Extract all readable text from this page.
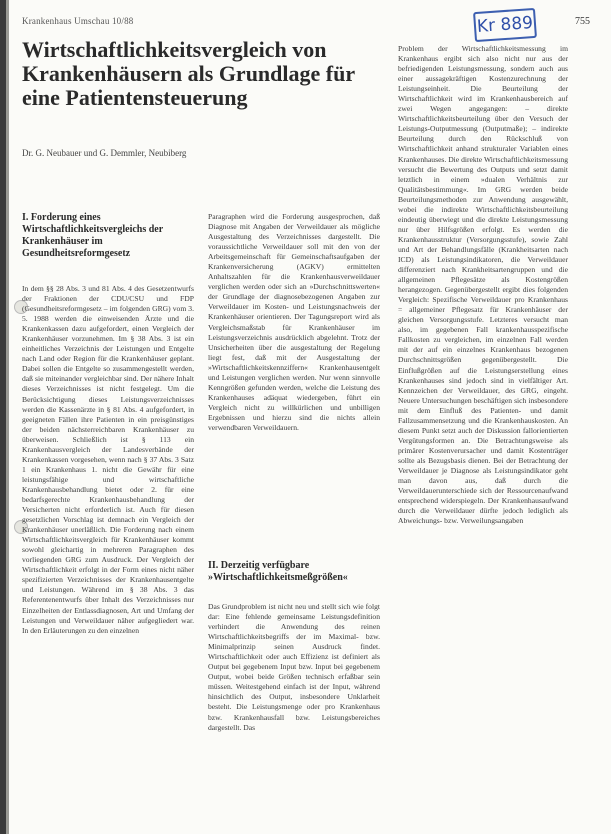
Krankenhaus Umschau 10/88	Kr 889	755
Wirtschaftlichkeitsvergleich von Krankenhäusern als Grundlage für eine Patientensteuerung
Dr. G. Neubauer und G. Demmler, Neubiberg
I. Forderung eines Wirtschaftlichkeitsvergleichs der Krankenhäuser im Gesundheitsreformgesetz
In dem §§ 28 Abs. 3 und 81 Abs. 4 des Gesetzentwurfs der Fraktionen der CDU/CSU und FDP (Gesundheitsreformgesetz – im folgenden GRG) vom 3. 5. 1988 werden die einweisenden Ärzte und die Krankenkassen dazu aufgefordert, einen Vergleich der Krankenhäuser vorzunehmen. Im § 38 Abs. 3 ist ein einheitliches Verzeichnis der Leistungen und Entgelte nach Land oder Region für die Krankenhäuser geplant. Dabei sollen die Entgelte so zusammengestellt werden, daß sie miteinander vergleichbar sind. Der nähere Inhalt dieses Verzeichnisses ist nicht festgelegt. Um die Berücksichtigung dieses Leistungsverzeichnisses werden die Kassenärzte in § 81 Abs. 4 aufgefordert, in geeigneten Fällen ihre Patienten in ein preisgünstiges der beiden nächsterreichbaren Krankenhäuser zu überweisen. Schließlich ist § 113 ein Krankenhausvergleich der Landesverbände der Krankenkassen vorgesehen, wenn nach § 37 Abs. 3 Satz 1 ein Krankenhaus 1. nicht die Gewähr für eine leistungsfähige und wirtschaftliche Krankenhausbehandlung bietet oder 2. für eine bedarfsgerechte Krankenhausbehandlung der Versicherten nicht erforderlich ist. Auch für diesen gesetzlichen Vorschlag ist demnach ein Vergleich der Krankenhäuser unerläßlich. Die Forderung nach einem Wirtschaftlichkeitsvergleich für Krankenhäuser kommt sowohl gleichartig in mehreren Paragraphen des vorliegenden GRG zum Ausdruck. Der Vergleich der Wirtschaftlichkeit erfolgt in der Form eines nicht näher spezifizierten Verzeichnisses der Krankenhausentgelte und Leistungen. Während im § 38 Abs. 3 das Referentenentwurfs über Inhalt des Verzeichnisses nur Einzelheiten der Entlassdiagnosen, Art und Umfang der Leistungen und Verweildauer näher aufgegliedert war. In den Erläuterungen zu den einzelnen
Paragraphen wird die Forderung ausgesprochen, daß Diagnose mit Angaben der Verweildauer als mögliche Ausgestaltung des Verzeichnisses dargestellt. Die voraussichtliche Verweildauer soll mit den von der Arbeitsgemeinschaft für Gemeinschaftsaufgaben der Krankenversicherung (AGKV) ermittelten Anhaltszahlen für die Krankenhausverweildauer verglichen werden oder sich an »Durchschnittswerten« der Grundlage der diagnosebezogenen Angaben zur Verweildauer im Kosten- und Leistungsnachweis der Krankenhäuser orientieren. Der Tagungsreport wird als Vergleichsmaßstab für Krankenhäuser im Leistungsverzeichnis ausdrücklich abgelehnt. Trotz der Unsicherheiten über die ausgestaltung der Regelung liegt fest, daß mit der Ausgestaltung der »Wirtschaftlichkeitskennziffern« Krankenhausentgelt und Leistungen verglichen werden. Nur wenn sinnvolle Kenngrößen gefunden werden, welche die Leistung des Krankenhauses adäquat wiedergeben, führt ein Vergleich nicht zu willkürlichen und unbilligen Ergebnissen und hierzu sind die nichts allein verwendbaren Verweildauern.
II. Derzeitig verfügbare »Wirtschaftlichkeitsmeßgrößen«
Das Grundproblem ist nicht neu und stellt sich wie folgt dar: Eine fehlende gemeinsame Leistungsdefinition verhindert die Anwendung des reinen Wirtschaftlichkeitsbegriffs der im Maximal- bzw. Minimalprinzip seinen Ausdruck findet. Wirtschaftlichkeit oder auch Effizienz ist definiert als Output bei gegebenem Input bzw. Input bei gegebenem Output, wobei beide Größen technisch erfaßbar sein müssen. Weitestgehend einfach ist der Input, während hinsichtlich des Output, insbesondere Unklarheit besteht. Die Leistungsmenge oder pro Krankenhaus bzw. Krankenhausfall bzw. Leistungsbereiches dargestellt. Das
Problem der Wirtschaftlichkeitsmessung im Krankenhaus ergibt sich also nicht nur aus der befriedigenden Leistungsmessung, sondern auch aus einer aussagekräftigen Kostenzurechnung der Leistungseinheit. Die Beurteilung der Wirtschaftlichkeit wird im Krankenhausbereich auf zwei Wegen angegangen: – direkte Wirtschaftlichkeitsbeurteilung über den Versuch der Leistungs-Outputmessung (Outputmaße); – indirekte Beurteilung durch den Rückschluß von Wirtschaftlichkeit anhand strukturaler Variablen eines Krankenhauses. Die direkte Wirtschaftlichkeitsmessung versucht die Bewertung des Outputs und setzt damit letztlich in einem »dualen Verhältnis zur Qualitätsbestimmung«. Im GRG werden beide Beurteilungsmethoden zur Anwendung ausgewählt, wobei die indirekte Wirtschaftlichkeitsbeurteilung eindeutig überwiegt und die direkte Leistungsmessung nur über Hilfsgrößen erfolgt. Es werden die Krankenhausstruktur (Versorgungsstufe), sowie Zahl und Art der Behandlungsfälle (Krankheitsarten nach ICD) als Leistungsindikatoren, die Verweildauer differenziert nach Krankheitsartengruppen und die allgemeinen Pflegesätze als Kostengrößen herangezogen. Gegenübergestellt ergibt dies folgenden Vergleich: Spezifische Verweildauer pro Krankenhaus = allgemeiner Pflegesatz für Krankenhäuser der gleichen Versorgungsstufe. Letzteres versucht man also, im gegebenen Fall krankenhausspezifische Fallkosten zu vergleichen, im einzelnen Fall werden mit der auf ein einzelnes Krankenhaus bezogenen Durchschnittsgrößen gegenübergestellt. Die Einflußgrößen auf die Leistungserstellung eines Krankenhauses sind jedoch sind in vielfältiger Art. Kennzeichen der Verweildauer, des GRG, eingeht. Neuere Untersuchungen beschäftigen sich insbesondere mit dem Einfluß des Patienten- und damit Fallzusammensetzung und die Krankenhauskosten. An diesem Punkt setzt auch der Diskussion fallorientierten Vergütungsformen an. Die Betrachtungsweise als primärer Kostenverursacher und damit Kostenträger sollte als Bezugsbasis dienen. Bei der Betrachtung der Verweildauer je Diagnose als Leistungsindikator geht man davon aus, daß durch die Verweildauerunterschiede sich der Ressourcenaufwand entsprechend widerspiegeln. Der Krankenhausaufwand durch die Verweildauer dürfte jedoch lediglich als Abweichungs- bzw. Verweilungsangaben
